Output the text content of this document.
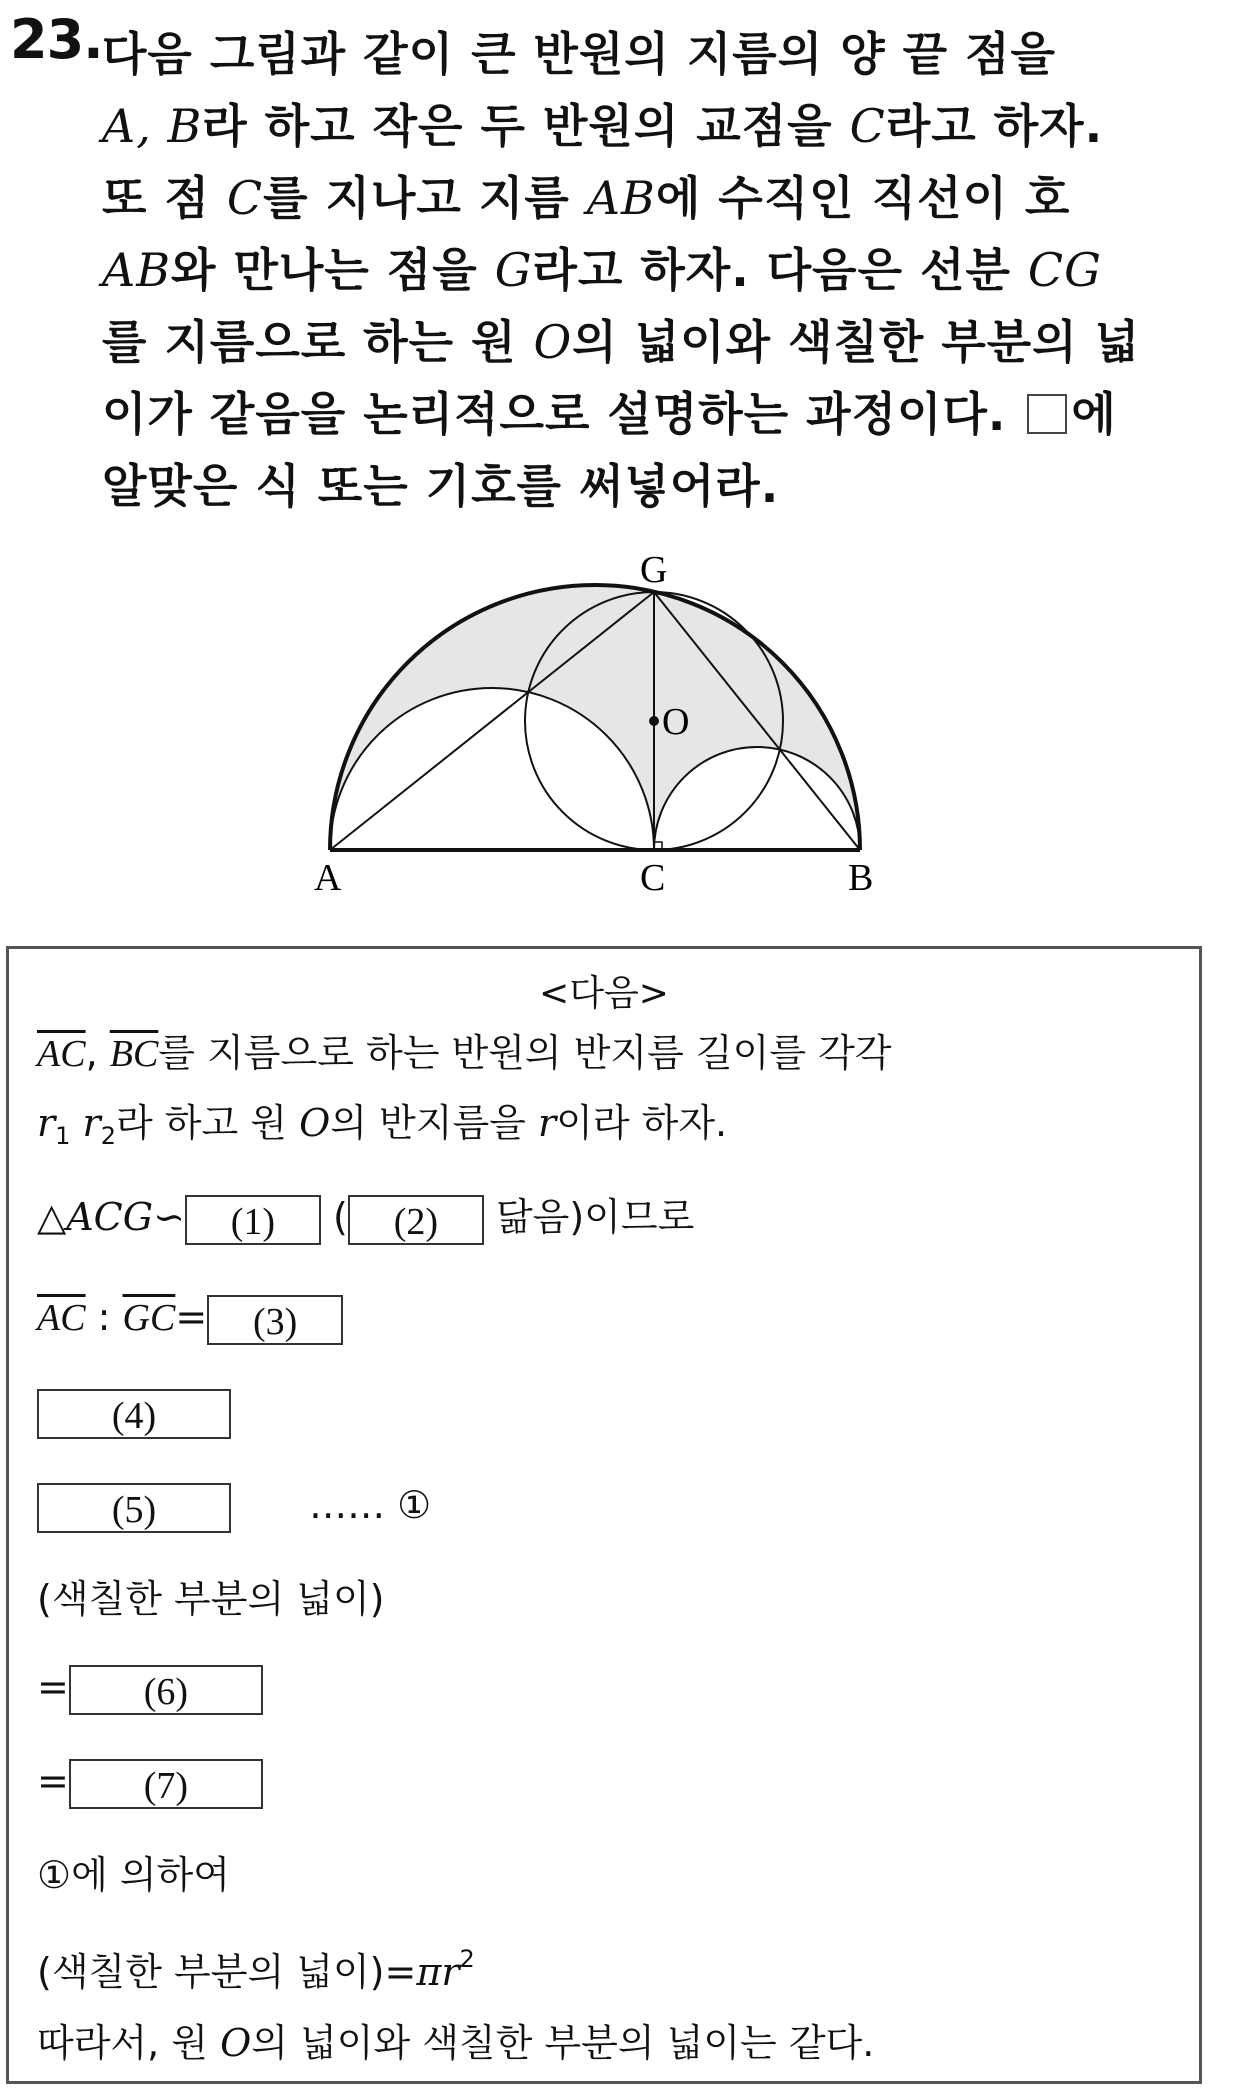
23. 다음 그림과 같이 큰 반원의 지름의 양 끝 점을
A, B라 하고 작은 두 반원의 교점을 C라고 하자.
또 점 C를 지나고 지름 AB에 수직인 직선이 호
AB와 만나는 점을 G라고 하자. 다음은 선분 CG
를 지름으로 하는 원 O의 넓이와 색칠한 부분의 넓
이가 같음을 논리적으로 설명하는 과정이다. 에
알맞은 식 또는 기호를 써넣어라.
G
O
A	C	B
<다음>
$\overline{AC}$, $\overline{BC}$를 지름으로 하는 반원의 반지름 길이를 각각
$r_1$ $r_2$라 하고 원 O의 반지름을 r이라 하자.
△ACG∽ (1) ( (2) 닮음)이므로
$\overline{AC}$ : $\overline{GC}= (3)$
(4)
(5)	…… ①
(색칠한 부분의 넓이)
= (6)
= (7)
①에 의하여
(색칠한 부분의 넓이)$=\pi r^2$
따라서, 원 O의 넓이와 색칠한 부분의 넓이는 같다.
